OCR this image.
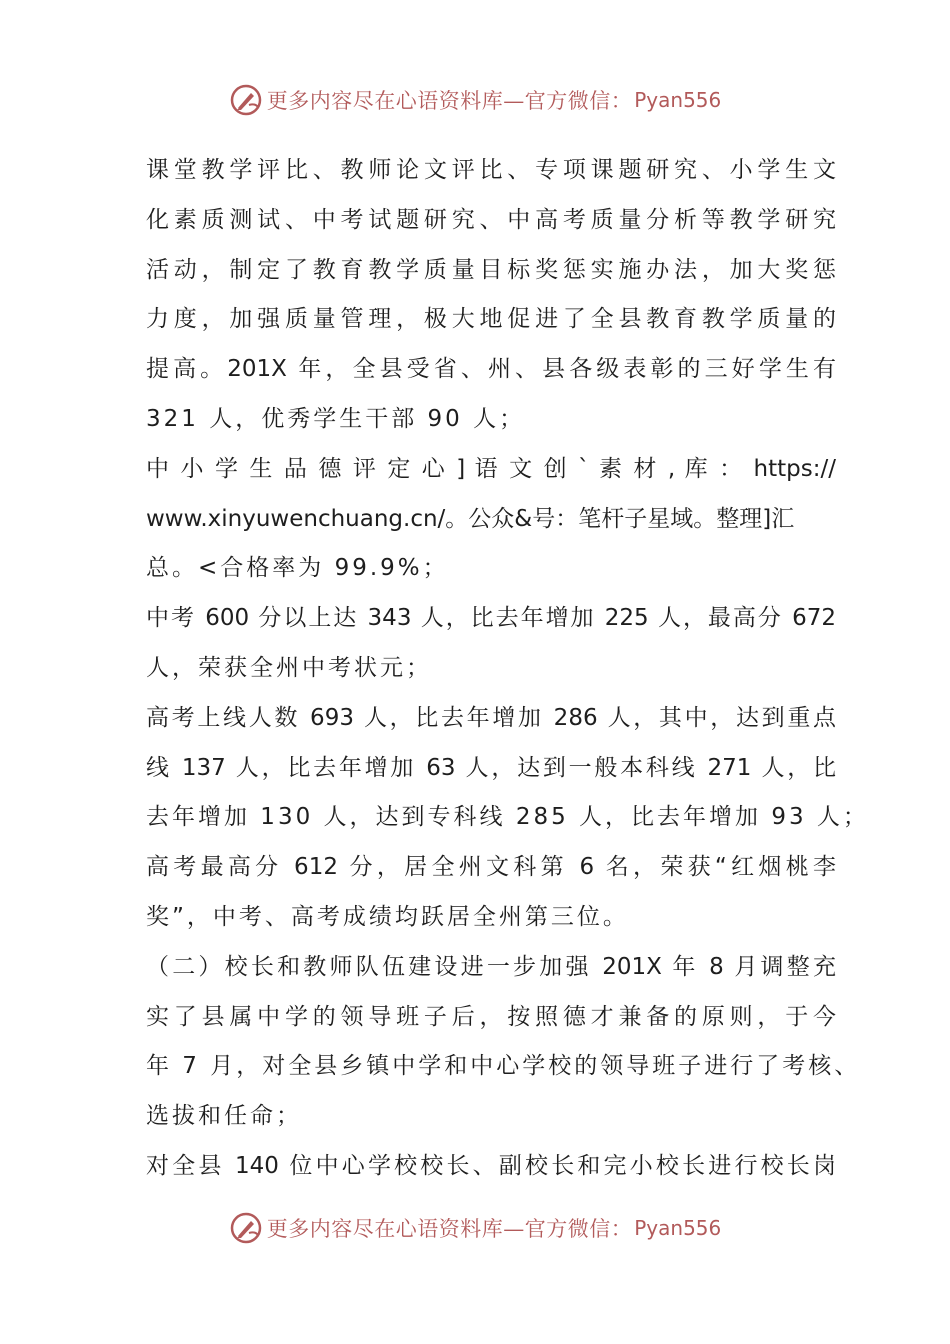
更多内容尽在心语资料库—官方微信： Pyan556
课堂教学评比、教师论文评比、专项课题研究、小学生文
化素质测试、中考试题研究、中高考质量分析等教学研究
活动，制定了教育教学质量目标奖惩实施办法，加大奖惩
力度，加强质量管理，极大地促进了全县教育教学质量的
提高。201X 年，全县受省、州、县各级表彰的三好学生有
321 人，优秀学生干部 90 人；
中 小 学 生 品 德 评 定 心 ] 语 文 创 ` 素 材 , 库 ： https://
www.xinyuwenchuang.cn/。公众&号：笔杆子星域。整理]汇
总。<合格率为 99.9%；
中考 600 分以上达 343 人，比去年增加 225 人，最高分 672
人，荣获全州中考状元；
高考上线人数 693 人，比去年增加 286 人，其中，达到重点
线 137 人，比去年增加 63 人，达到一般本科线 271 人，比
去年增加 130 人，达到专科线 285 人，比去年增加 93 人；
高考最高分 612 分，居全州文科第 6 名，荣获“红烟桃李
奖”，中考、高考成绩均跃居全州第三位。
（二）校长和教师队伍建设进一步加强 201X 年 8 月调整充
实了县属中学的领导班子后，按照德才兼备的原则，于今
年 7 月，对全县乡镇中学和中心学校的领导班子进行了考核、
选拔和任命；
对全县 140 位中心学校校长、副校长和完小校长进行校长岗
更多内容尽在心语资料库—官方微信： Pyan556
